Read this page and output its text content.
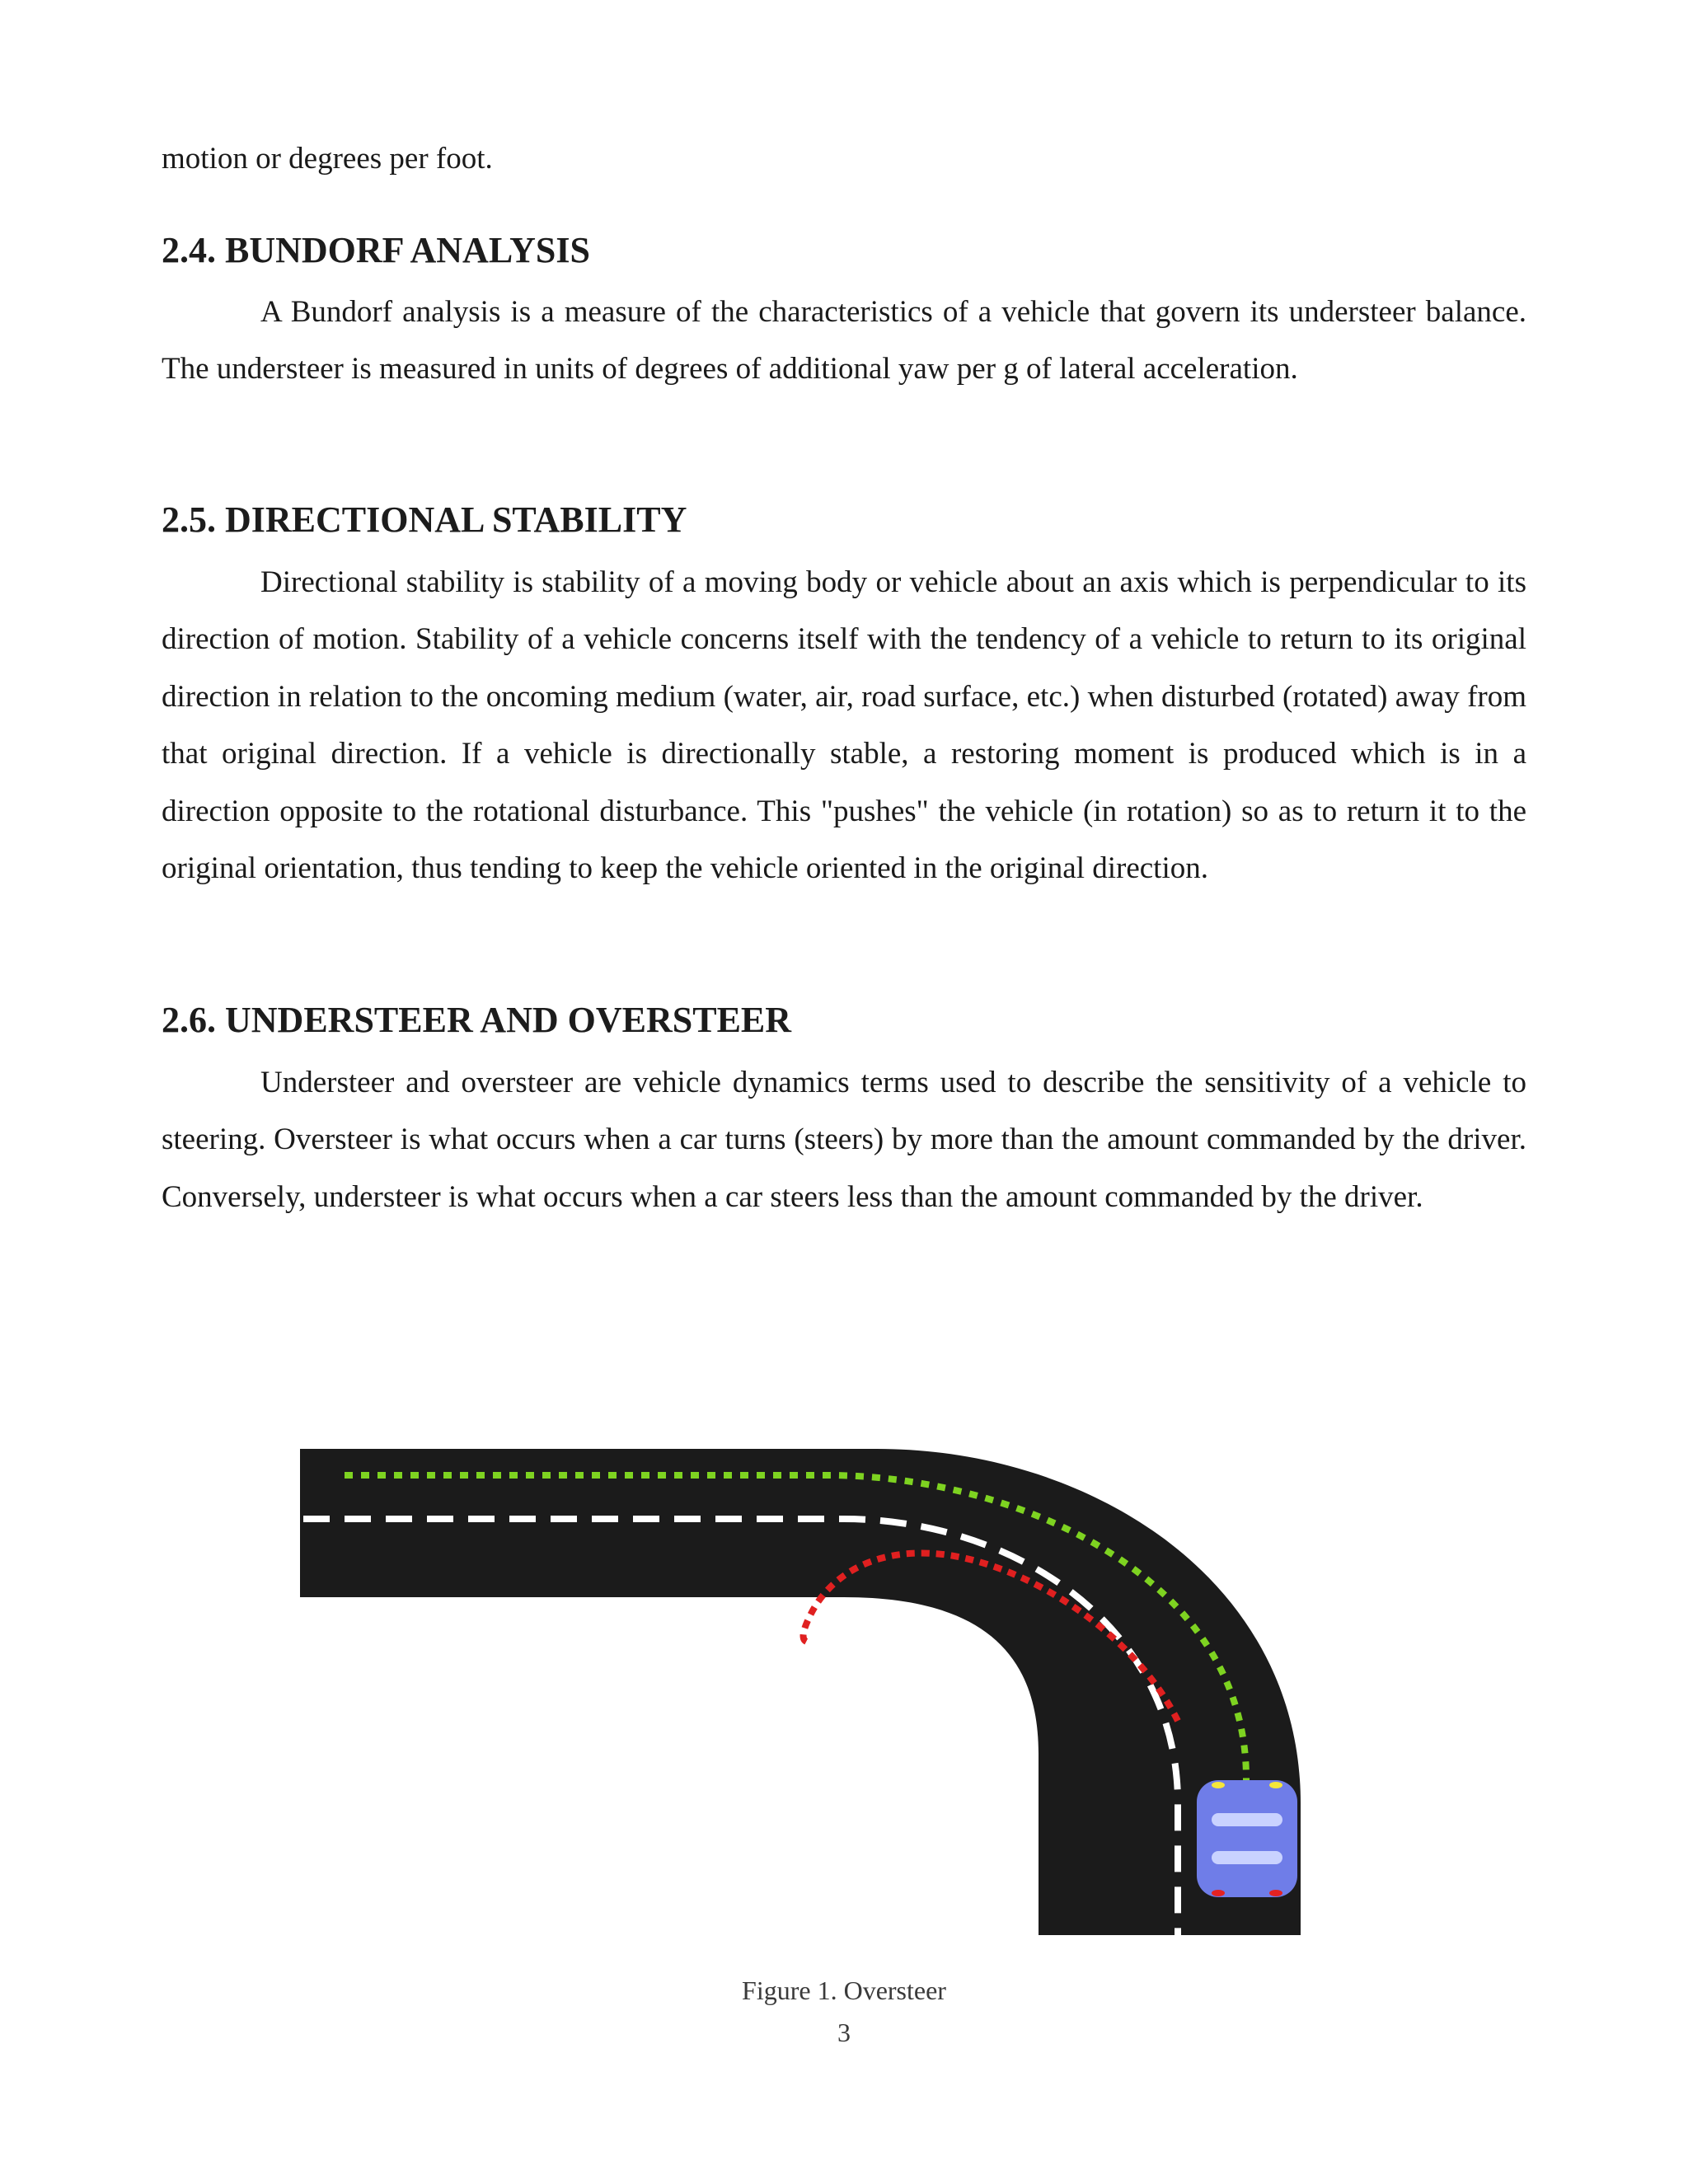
motion or degrees per foot.

2.4. BUNDORF ANALYSIS

A Bundorf analysis is a measure of the characteristics of a vehicle that govern its understeer balance. The understeer is measured in units of degrees of additional yaw per g of lateral acceleration.

2.5. DIRECTIONAL STABILITY

Directional stability is stability of a moving body or vehicle about an axis which is perpendicular to its direction of motion. Stability of a vehicle concerns itself with the tendency of a vehicle to return to its original direction in relation to the oncoming medium (water, air, road surface, etc.) when disturbed (rotated) away from that original direction. If a vehicle is directionally stable, a restoring moment is produced which is in a direction opposite to the rotational disturbance. This "pushes" the vehicle (in rotation) so as to return it to the original orientation, thus tending to keep the vehicle oriented in the original direction.

2.6. UNDERSTEER AND OVERSTEER

Understeer and oversteer are vehicle dynamics terms used to describe the sensitivity of a vehicle to steering. Oversteer is what occurs when a car turns (steers) by more than the amount commanded by the driver. Conversely, understeer is what occurs when a car steers less than the amount commanded by the driver.

Figure 1. Oversteer
3
